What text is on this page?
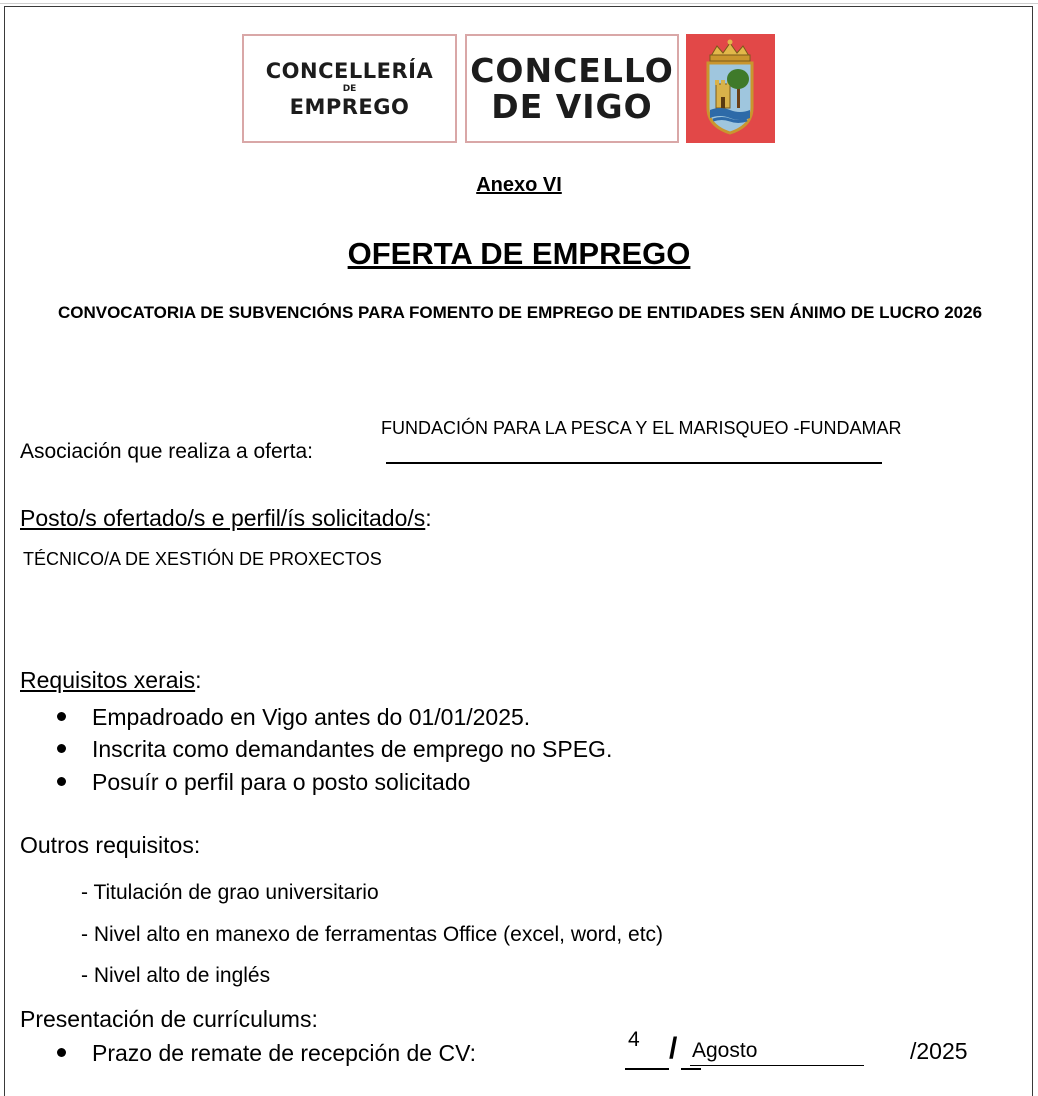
CONCELLERÍA
DE
EMPREGO
CONCELLO
DE VIGO
Anexo VI
OFERTA DE EMPREGO
CONVOCATORIA DE SUBVENCIÓNS PARA FOMENTO DE EMPREGO DE ENTIDADES SEN ÁNIMO DE LUCRO 2026
FUNDACIÓN PARA LA PESCA Y EL MARISQUEO -FUNDAMAR
Asociación que realiza a oferta:
Posto/s ofertado/s e perfil/ís solicitado/s:
TÉCNICO/A DE XESTIÓN DE PROXECTOS
Requisitos xerais:
Empadroado en Vigo antes do 01/01/2025.
Inscrita como demandantes de emprego no SPEG.
Posuír o perfil para o posto solicitado
Outros requisitos:
- Titulación de grao universitario
- Nivel alto en manexo de ferramentas Office (excel, word, etc)
- Nivel alto de inglés
Presentación de currículums:
Prazo de remate de recepción de CV:
4 / Agosto	/2025
